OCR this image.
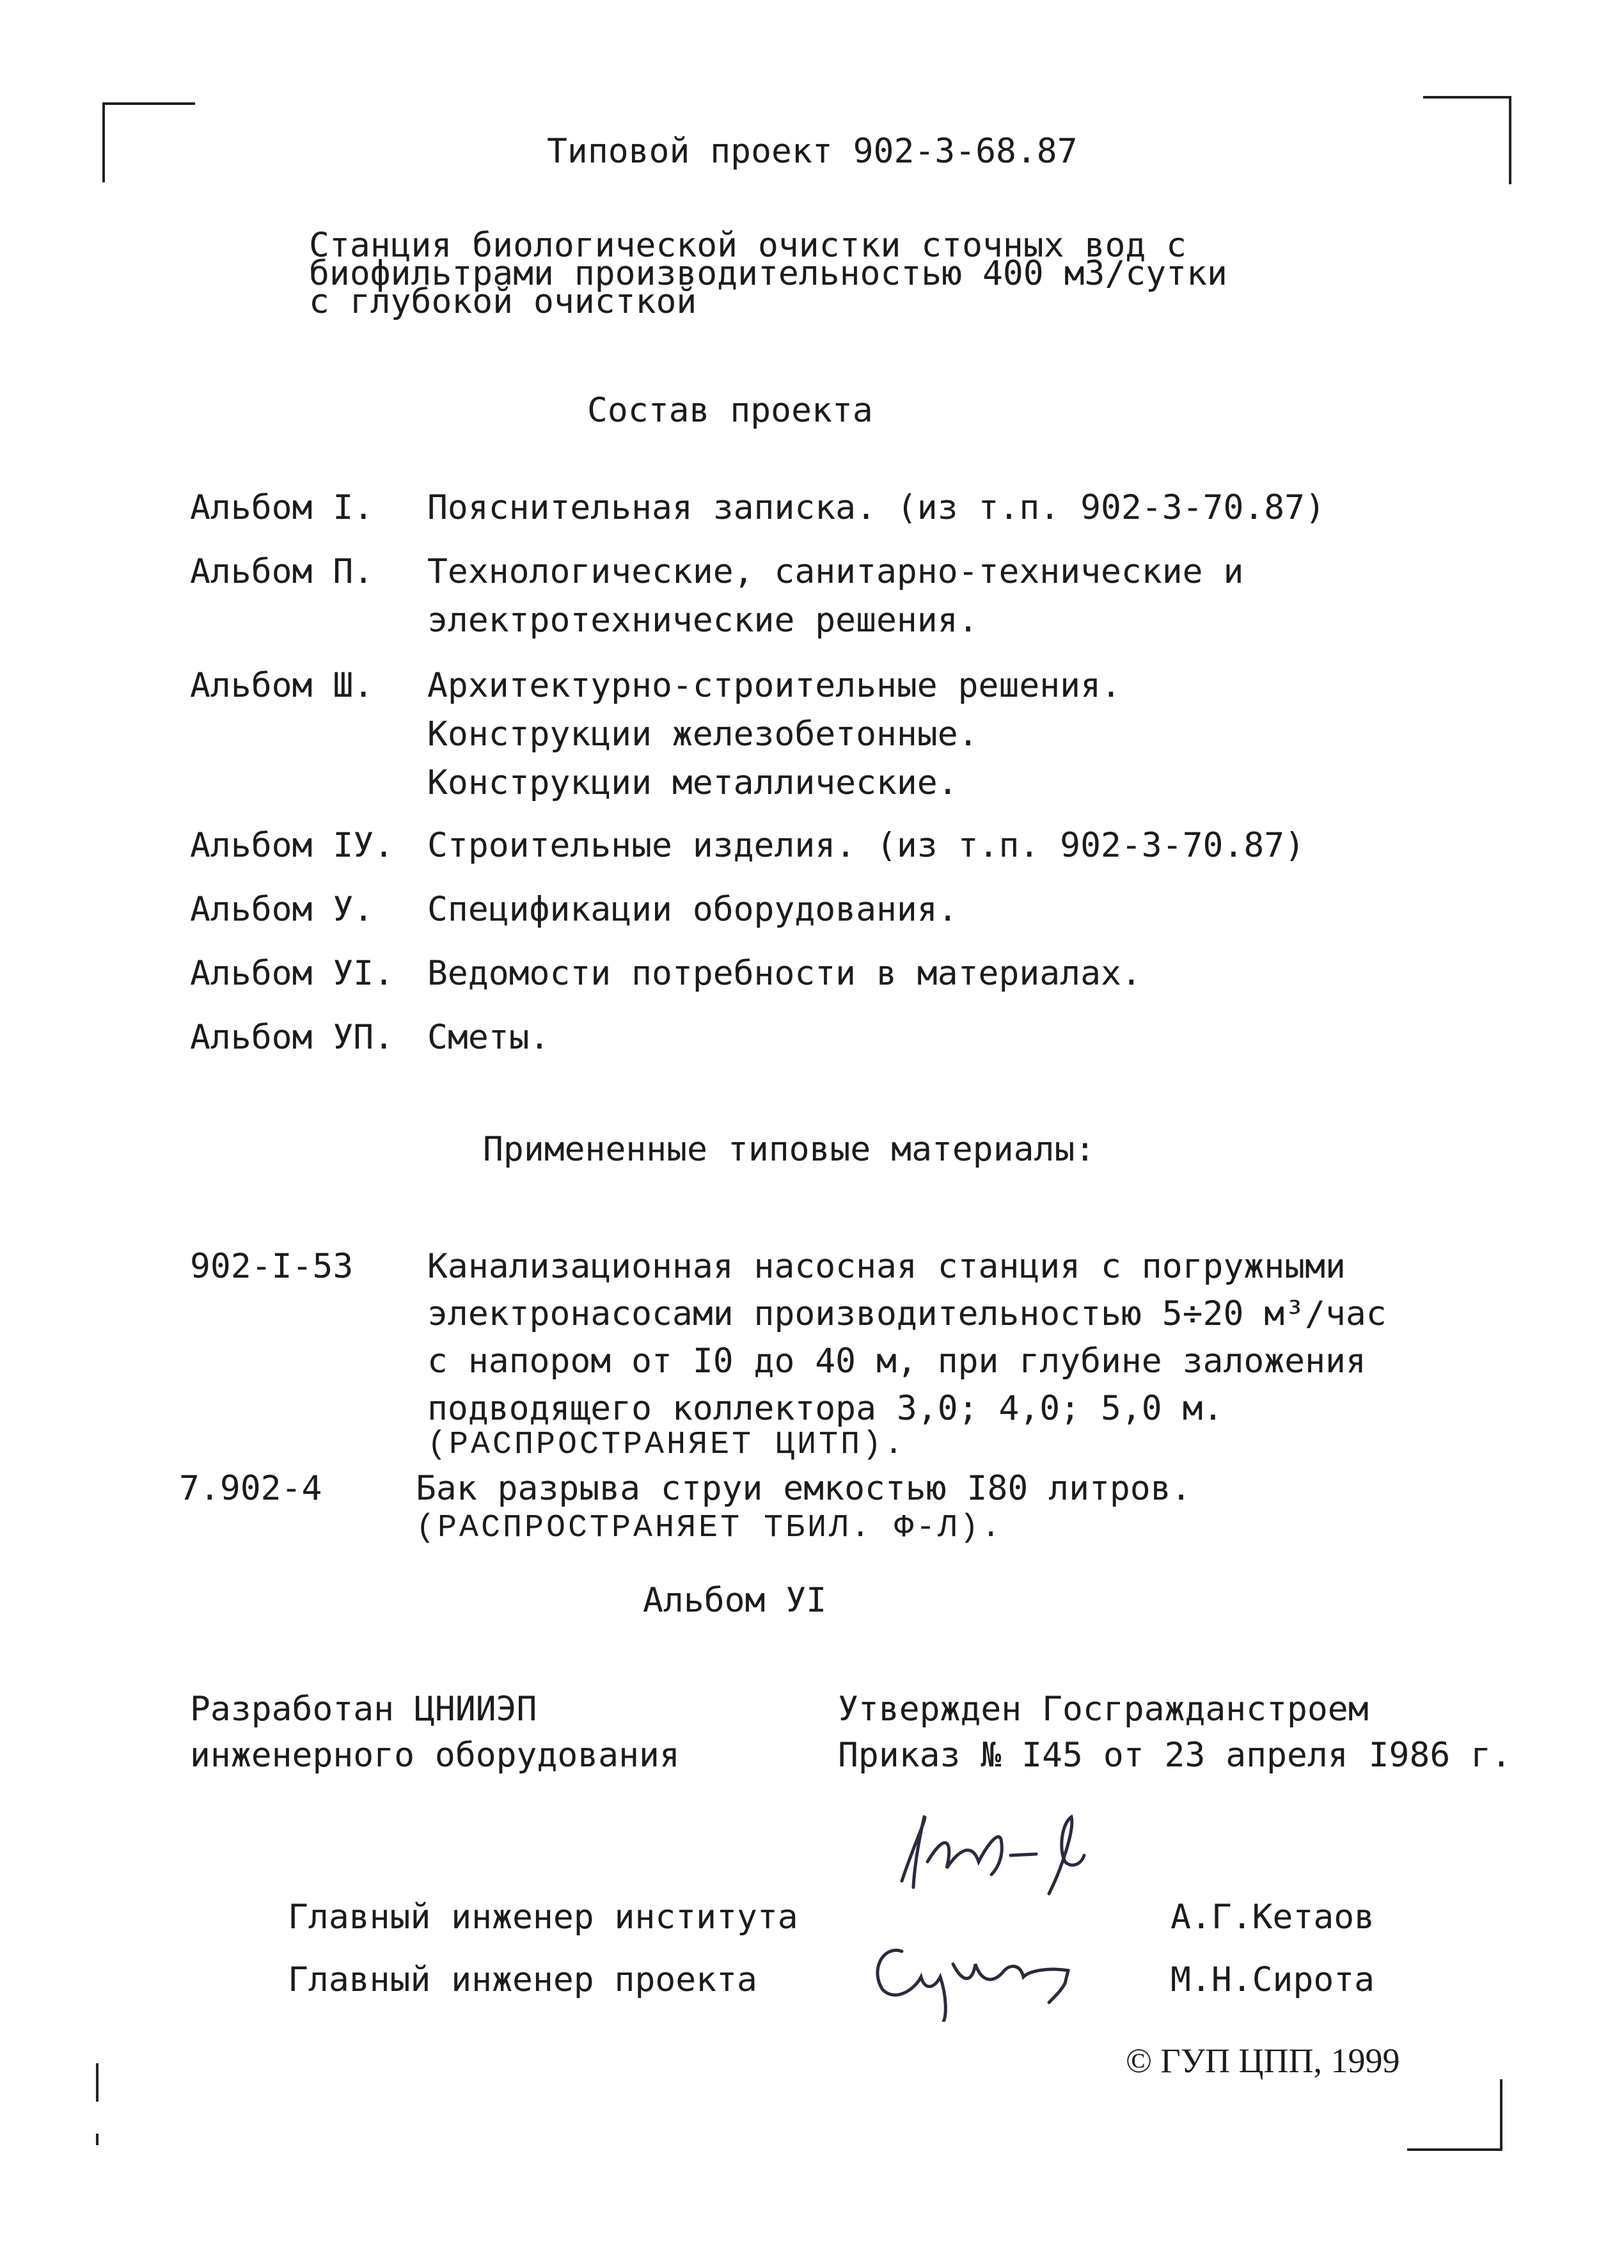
Типовой проект 902-3-68.87
Станция биологической очистки сточных вод с
биофильтрами производительностью 400 м3/сутки
с глубокой очисткой
Состав проекта
Альбом I. Пояснительная записка. (из т.п. 902-3-70.87)
Альбом П. Технологические, санитарно-технические и
электротехнические решения.
Альбом Ш. Архитектурно-строительные решения.
Конструкции железобетонные.
Конструкции металлические.
Альбом IУ. Строительные изделия. (из т.п. 902-3-70.87)
Альбом У. Спецификации оборудования.
Альбом УI. Ведомости потребности в материалах.
Альбом УП. Сметы.
Примененные типовые материалы:
902-I-53 Канализационная насосная станция с погружными
электронасосами производительностью 5÷20 м³/час
с напором от I0 до 40 м, при глубине заложения
подводящего коллектора 3,0; 4,0; 5,0 м.
(РАСПРОСТРАНЯЕТ ЦИТП).
7.902-4	Бак разрыва струи емкостью I80 литров.
(РАСПРОСТРАНЯЕТ ТБИЛ. Ф-Л).
Альбом УI
Разработан ЦНИИЭП
инженерного оборудования
Утвержден Госгражданстроем
Приказ № I45 от 23 апреля I986 г.
Главный инженер института	А.Г.Кетаов
Главный инженер проекта	М.Н.Сирота
© ГУП ЦПП, 1999
